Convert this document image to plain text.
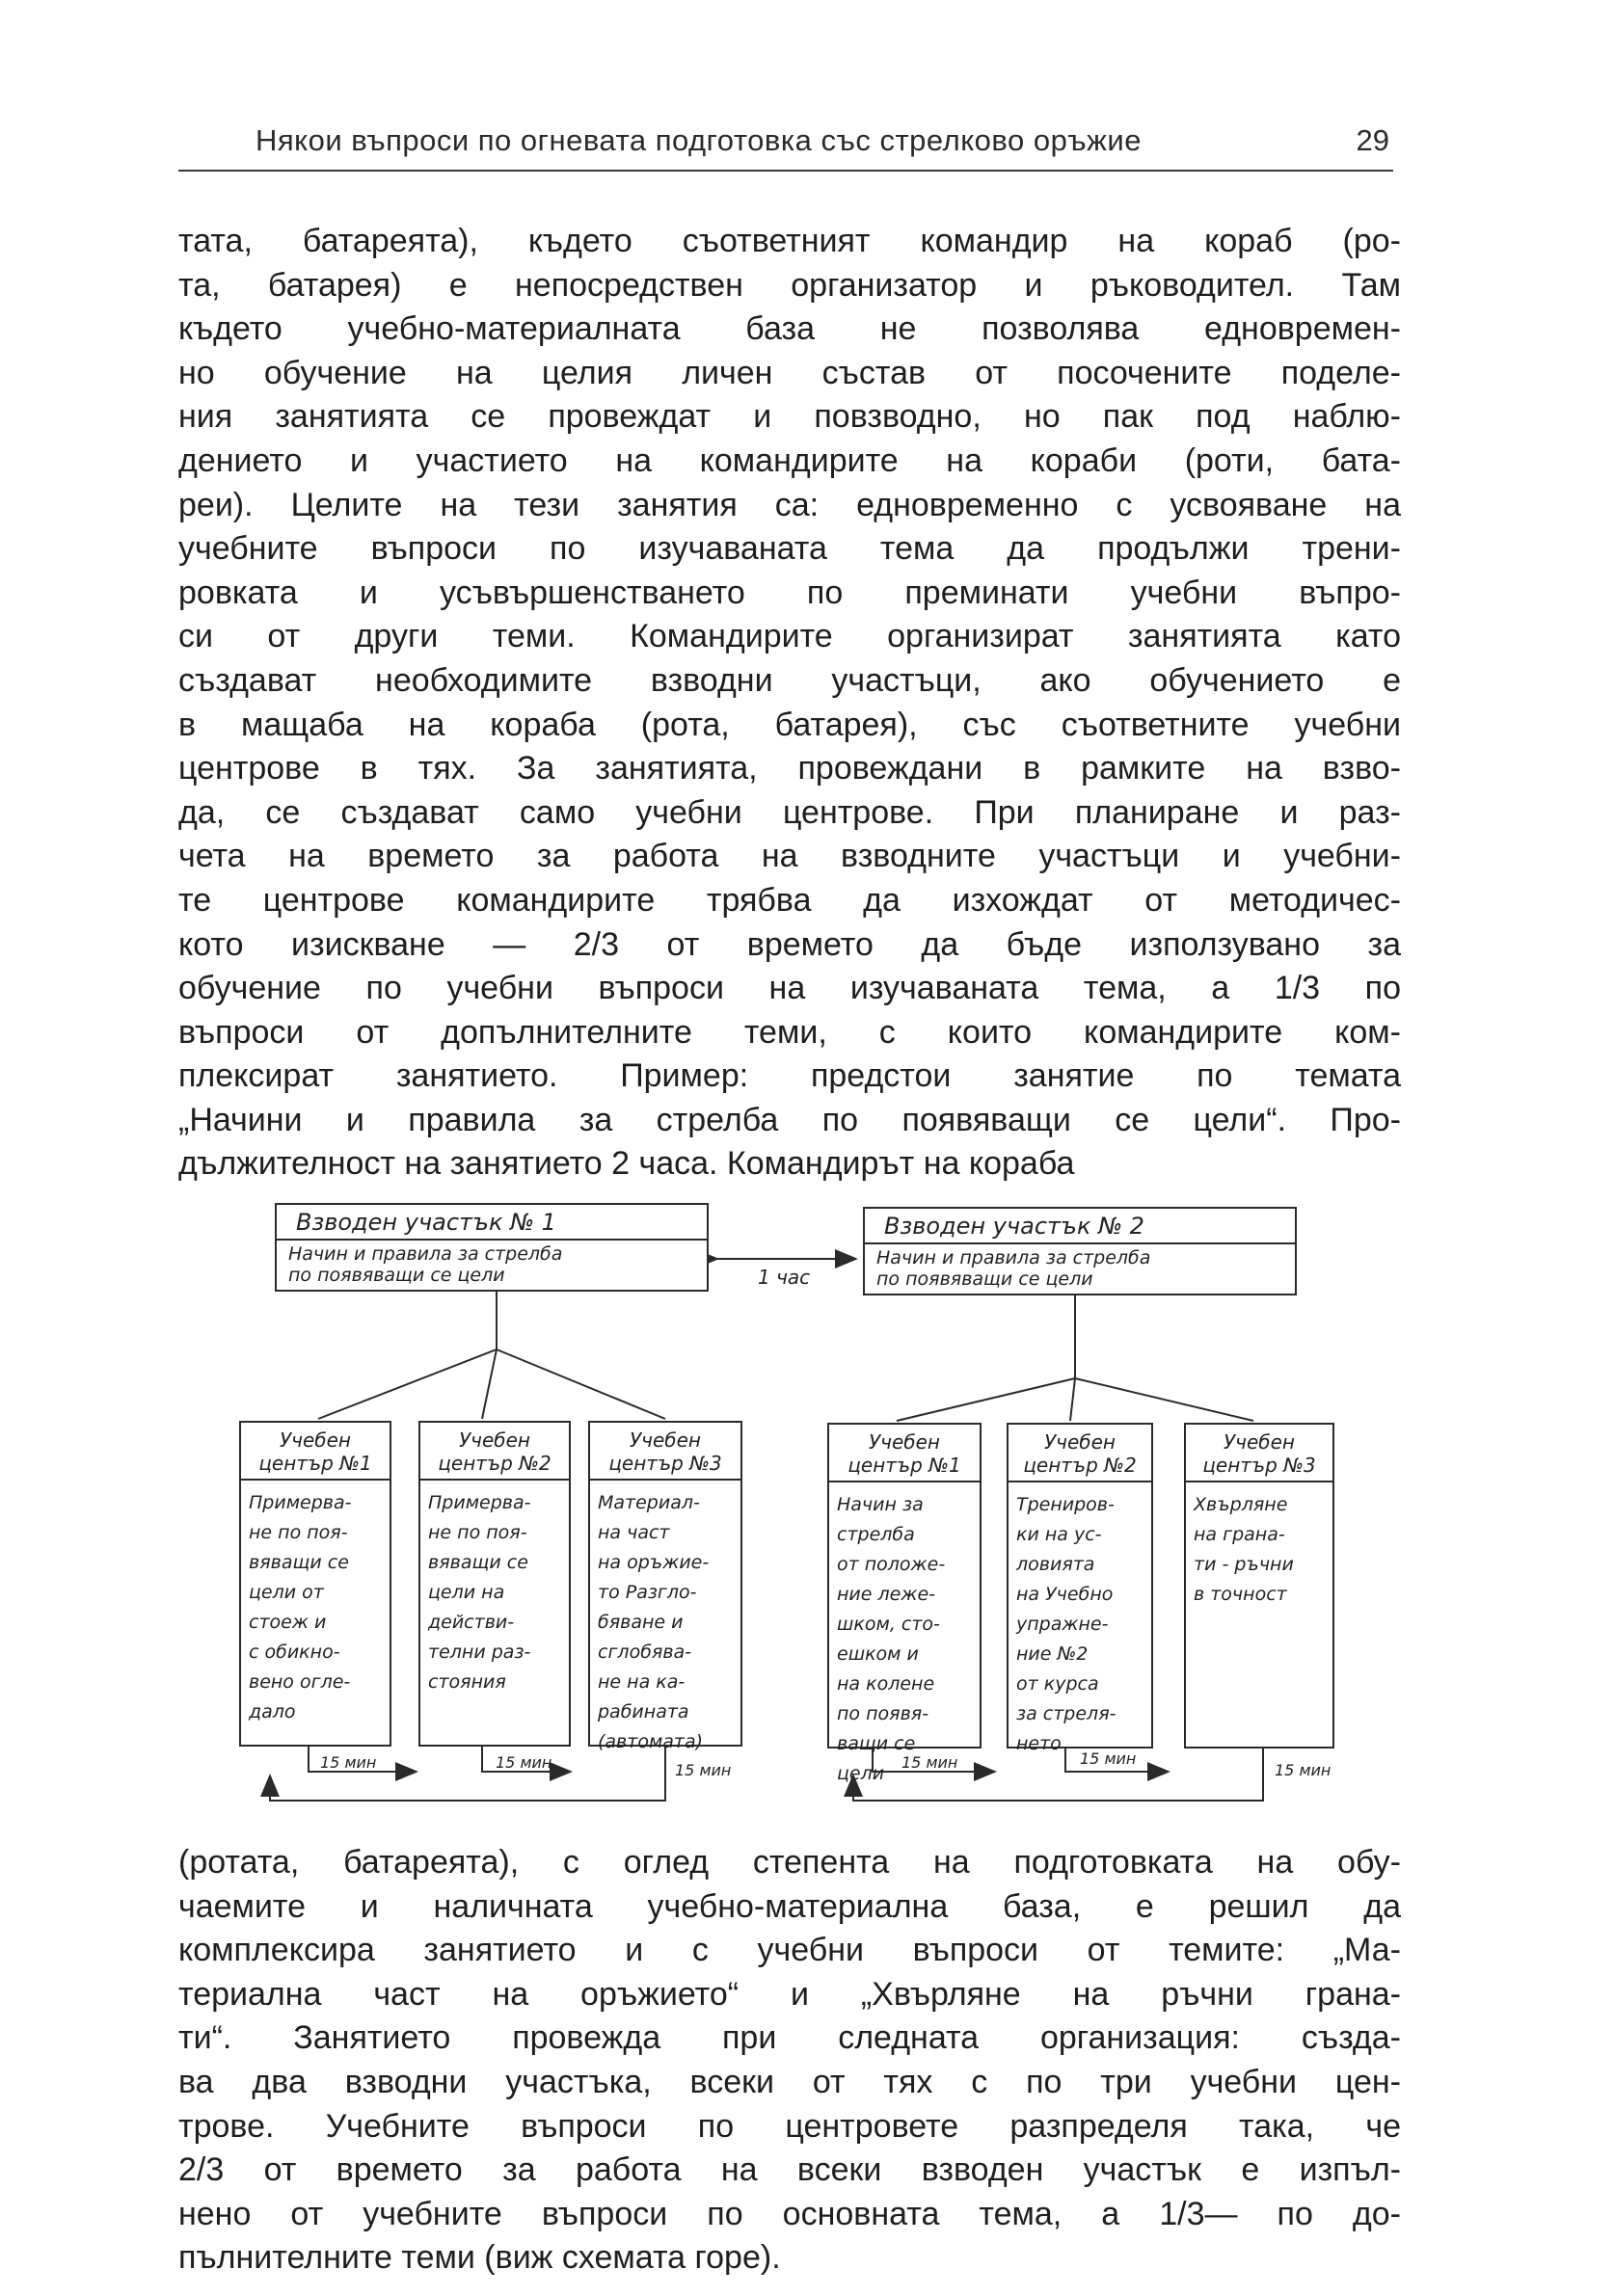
Някои въпроси по огневата подготовка със стрелково оръжие	29
тата, батареята), където съответният командир на кораб (ро-
та, батарея) е непосредствен организатор и ръководител. Там
където учебно-материалната база не позволява едновремен-
но обучение на целия личен състав от посочените поделе-
ния занятията се провеждат и повзводно, но пак под наблю-
дението и участието на командирите на кораби (роти, бата-
реи). Целите на тези занятия са: едновременно с усвояване на
учебните въпроси по изучаваната тема да продължи трени-
ровката и усъвършенстването по преминати учебни въпро-
си от други теми. Командирите организират занятията като
създават необходимите взводни участъци, ако обучението е
в мащаба на кораба (рота, батарея), със съответните учебни
центрове в тях. За занятията, провеждани в рамките на взво-
да, се създават само учебни центрове. При планиране и раз-
чета на времето за работа на взводните участъци и учебни-
те центрове командирите трябва да изхождат от методичес-
кото изискване — 2/3 от времето да бъде използувано за
обучение по учебни въпроси на изучаваната тема, а 1/3 по
въпроси от допълнителните теми, с които командирите ком-
плексират занятието. Пример: предстои занятие по темата
„Начини и правила за стрелба по появяващи се цели“. Про-
дължителност на занятието 2 часа. Командирът на кораба
Взводен участък № 1
Начин и правила за стрелба
по появяващи се цели
Взводен участък № 2
Начин и правила за стрелба
по появяващи се цели
1 час
Учебен
център №1
Примерва-
не по поя-
вяващи се
цели от
стоеж и
с обикно-
вено огле-
дало
Учебен
център №2
Примерва-
не по поя-
вяващи се
цели на
действи-
телни раз-
стояния
Учебен
център №3
Материал-
на част
на оръжие-
то Разгло-
бяване и
сглобява-
не на ка-
рабината
(автомата)
Учебен
център №1
Начин за
стрелба
от положе-
ние леже-
шком, сто-
ешком и
на колене
по появя-
ващи се
цели
Учебен
център №2
Трениров-
ки на ус-
ловията
на Учебно
упражне-
ние №2
от курса
за стреля-
нето
Учебен
център №3
Хвърляне
на грана-
ти - ръчни
в точност
15 мин	15 мин	15 мин	15 мин	15 мин
15 мин
(ротата, батареята), с оглед степента на подготовката на обу-
чаемите и наличната учебно-материална база, е решил да
комплексира занятието и с учебни въпроси от темите: „Ма-
териална част на оръжието“ и „Хвърляне на ръчни грана-
ти“. Занятието провежда при следната организация: създа-
ва два взводни участъка, всеки от тях с по три учебни цен-
трове. Учебните въпроси по центровете разпределя така, че
2/3 от времето за работа на всеки взводен участък е изпъл-
нено от учебните въпроси по основната тема, а 1/3— по до-
пълнителните теми (виж схемата горе).
